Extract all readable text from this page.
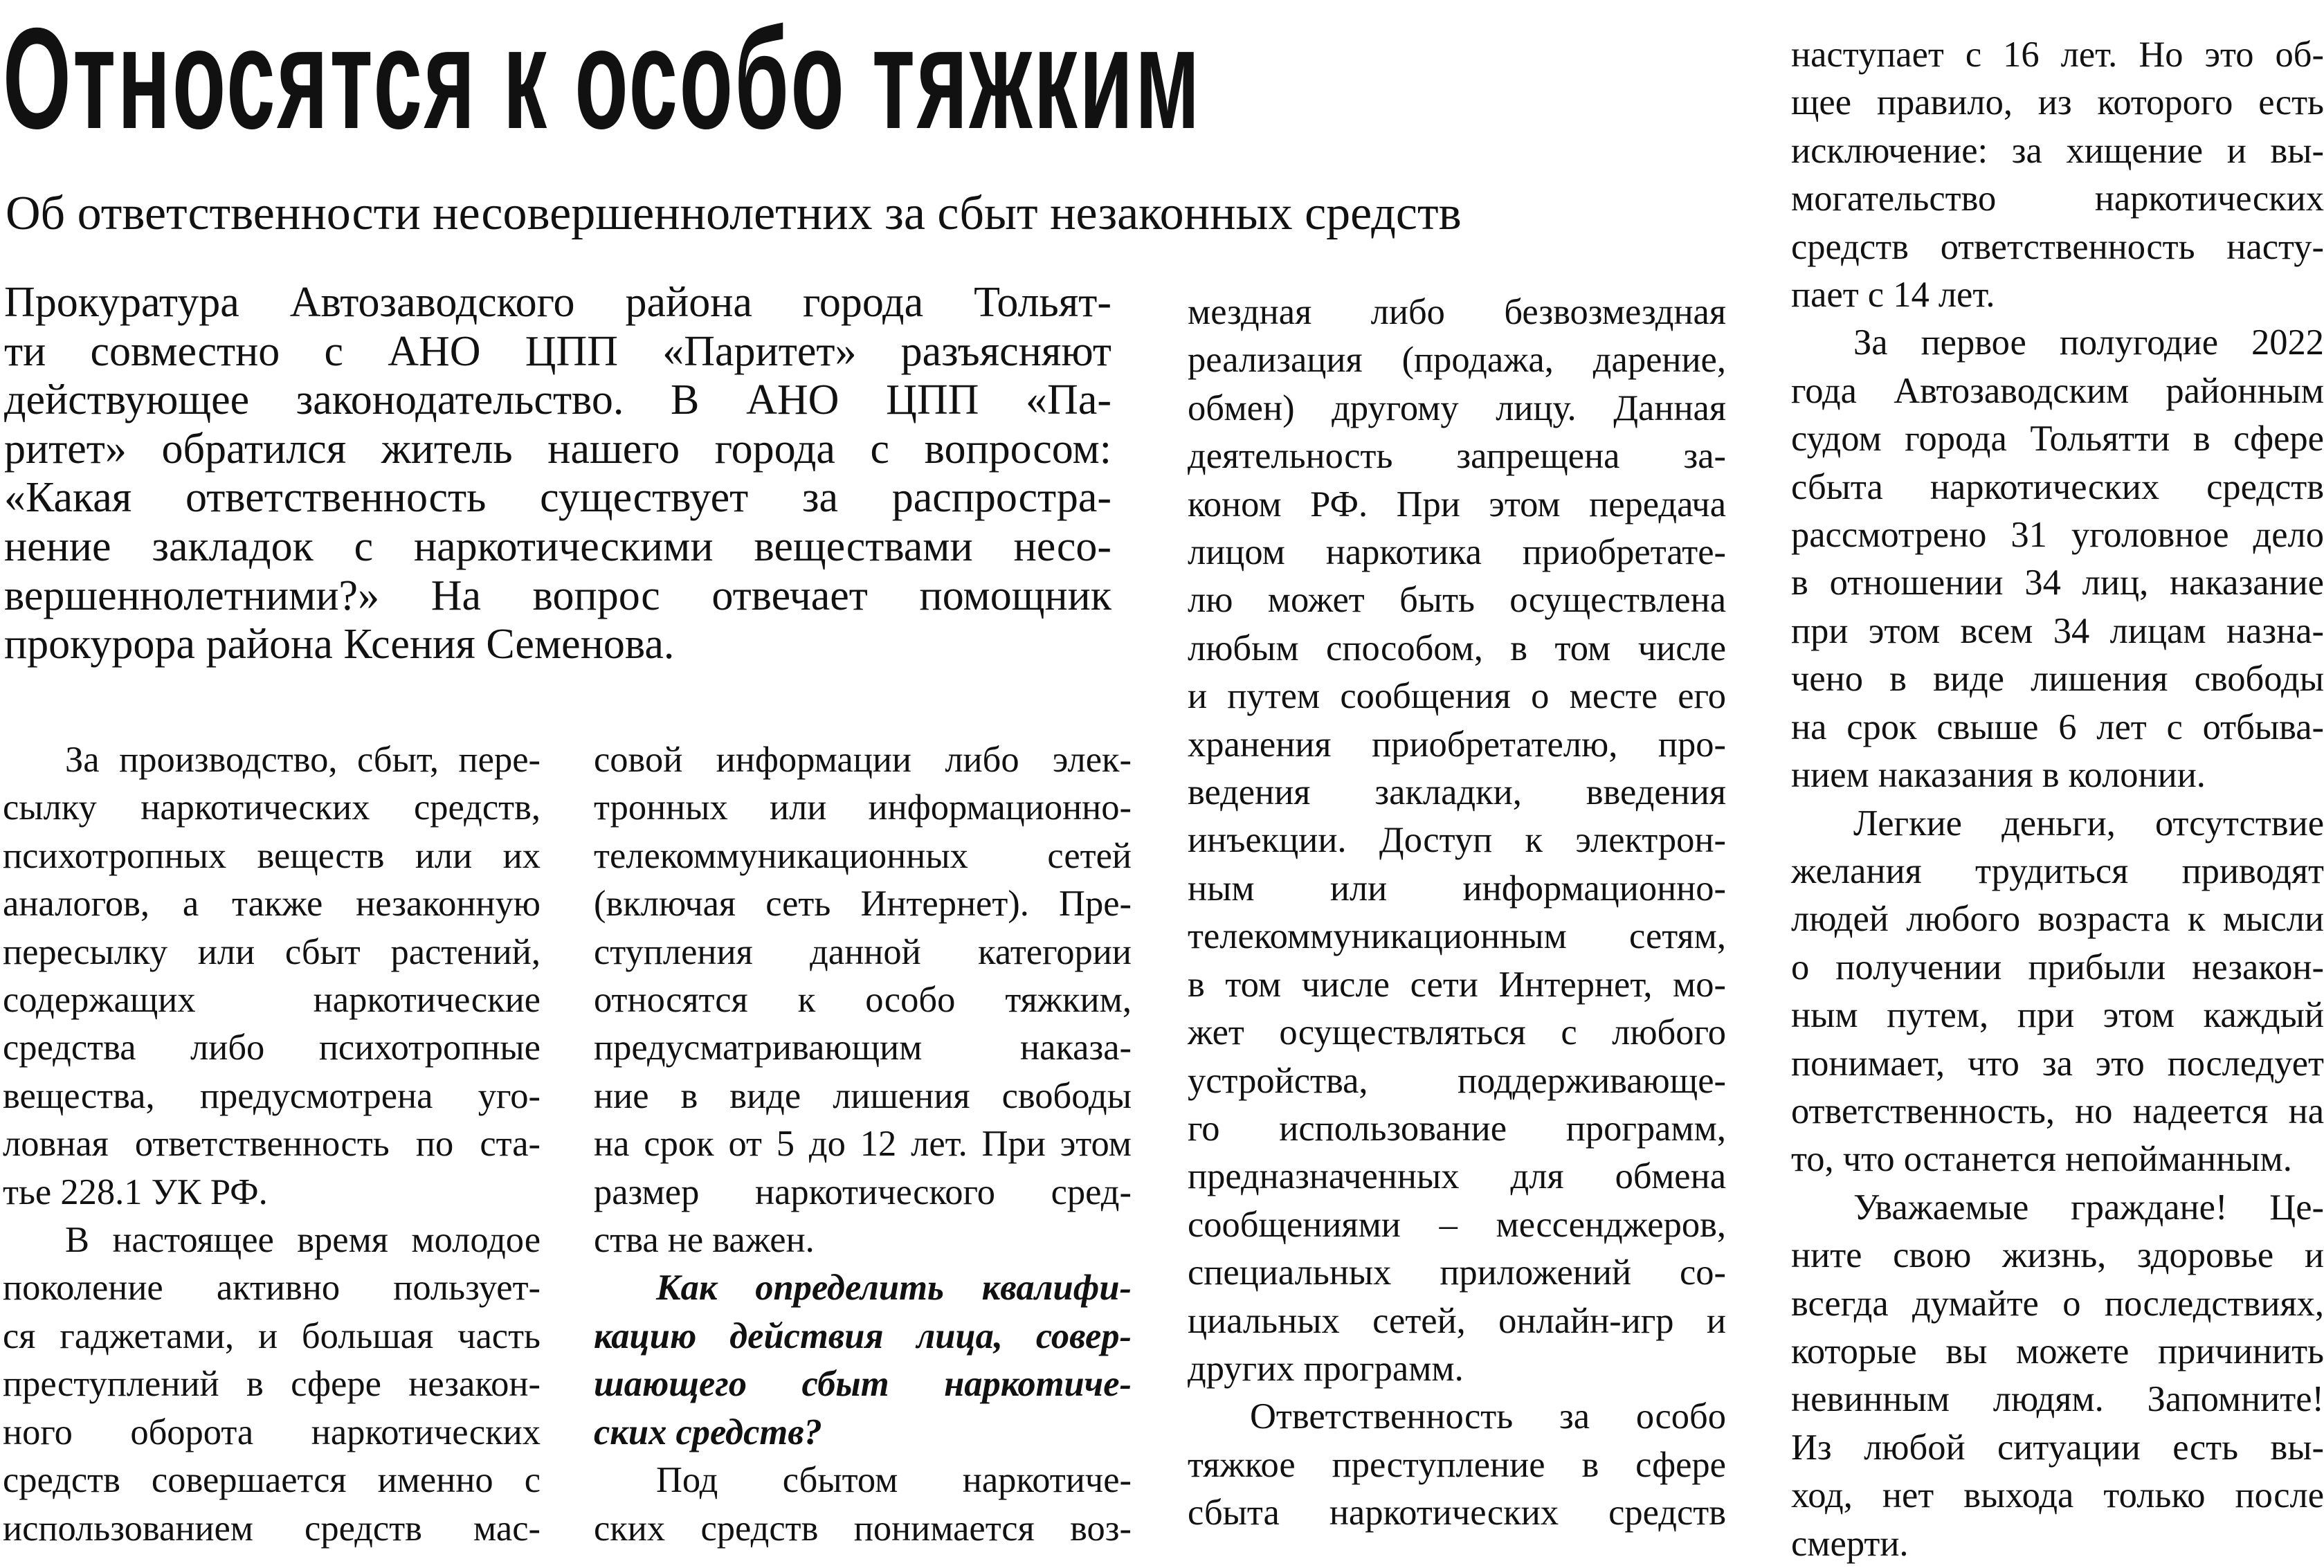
Относятся к особо тяжким
Об ответственности несовершеннолетних за сбыт незаконных средств
Прокуратура Автозаводского района города Тольят-
ти совместно с АНО ЦПП «Паритет» разъясняют
действующее законодательство. В АНО ЦПП «Па-
ритет» обратился житель нашего города с вопросом:
«Какая ответственность существует за распростра-
нение закладок с наркотическими веществами несо-
вершеннолетними?» На вопрос отвечает помощник
прокурора района Ксения Семенова.
За производство, сбыт, пере-
сылку наркотических средств,
психотропных веществ или их
аналогов, а также незаконную
пересылку или сбыт растений,
содержащих наркотические
средства либо психотропные
вещества, предусмотрена уго-
ловная ответственность по ста-
тье 228.1 УК РФ.
В настоящее время молодое
поколение активно пользует-
ся гаджетами, и большая часть
преступлений в сфере незакон-
ного оборота наркотических
средств совершается именно с
использованием средств мас-
совой информации либо элек-
тронных или информационно-
телекоммуникационных сетей
(включая сеть Интернет). Пре-
ступления данной категории
относятся к особо тяжким,
предусматривающим наказа-
ние в виде лишения свободы
на срок от 5 до 12 лет. При этом
размер наркотического сред-
ства не важен.
Как определить квалифи-
кацию действия лица, совер-
шающего сбыт наркотиче-
ских средств?
Под сбытом наркотиче-
ских средств понимается воз-
мездная либо безвозмездная
реализация (продажа, дарение,
обмен) другому лицу. Данная
деятельность запрещена за-
коном РФ. При этом передача
лицом наркотика приобретате-
лю может быть осуществлена
любым способом, в том числе
и путем сообщения о месте его
хранения приобретателю, про-
ведения закладки, введения
инъекции. Доступ к электрон-
ным или информационно-
телекоммуникационным сетям,
в том числе сети Интернет, мо-
жет осуществляться с любого
устройства, поддерживающе-
го использование программ,
предназначенных для обмена
сообщениями – мессенджеров,
специальных приложений со-
циальных сетей, онлайн-игр и
других программ.
Ответственность за особо
тяжкое преступление в сфере
сбыта наркотических средств
наступает с 16 лет. Но это об-
щее правило, из которого есть
исключение: за хищение и вы-
могательство наркотических
средств ответственность насту-
пает с 14 лет.
За первое полугодие 2022
года Автозаводским районным
судом города Тольятти в сфере
сбыта наркотических средств
рассмотрено 31 уголовное дело
в отношении 34 лиц, наказание
при этом всем 34 лицам назна-
чено в виде лишения свободы
на срок свыше 6 лет с отбыва-
нием наказания в колонии.
Легкие деньги, отсутствие
желания трудиться приводят
людей любого возраста к мысли
о получении прибыли незакон-
ным путем, при этом каждый
понимает, что за это последует
ответственность, но надеется на
то, что останется непойманным.
Уважаемые граждане! Це-
ните свою жизнь, здоровье и
всегда думайте о последствиях,
которые вы можете причинить
невинным людям. Запомните!
Из любой ситуации есть вы-
ход, нет выхода только после
смерти.
